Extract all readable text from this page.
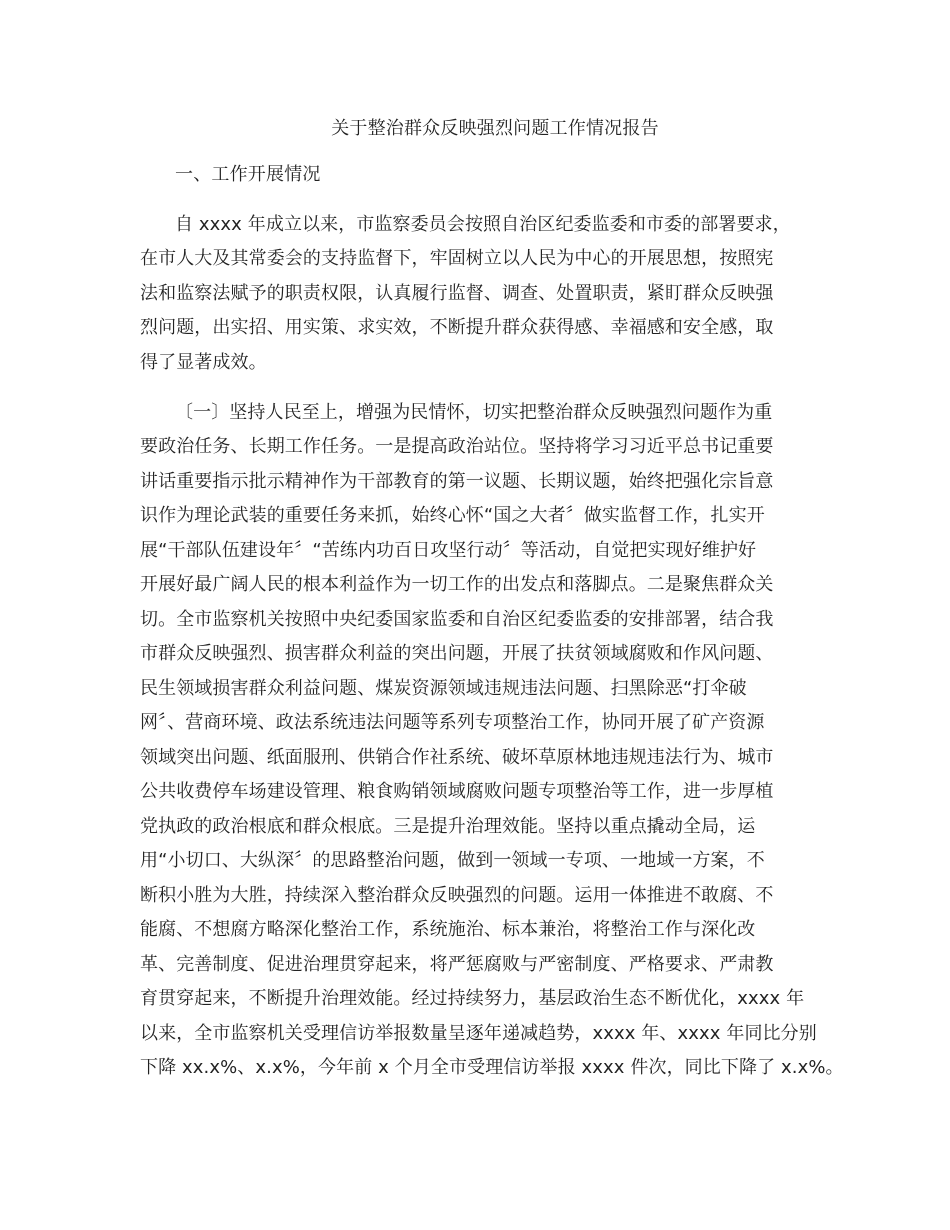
关于整治群众反映强烈问题工作情况报告
一、工作开展情况

自 xxxx 年成立以来，市监察委员会按照自治区纪委监委和市委的部署要求，

在市人大及其常委会的支持监督下，牢固树立以人民为中心的开展思想，按照宪

法和监察法赋予的职责权限，认真履行监督、调查、处置职责，紧盯群众反映强

烈问题，出实招、用实策、求实效，不断提升群众获得感、幸福感和安全感，取

得了显著成效。

〔一〕坚持人民至上，增强为民情怀，切实把整治群众反映强烈问题作为重

要政治任务、长期工作任务。一是提高政治站位。坚持将学习习近平总书记重要

讲话重要指示批示精神作为干部教育的第一议题、长期议题，始终把强化宗旨意

识作为理论武装的重要任务来抓，始终心怀“国之大者〞做实监督工作，扎实开

展“干部队伍建设年〞“苦练内功百日攻坚行动〞等活动，自觉把实现好维护好

开展好最广阔人民的根本利益作为一切工作的出发点和落脚点。二是聚焦群众关

切。全市监察机关按照中央纪委国家监委和自治区纪委监委的安排部署，结合我

市群众反映强烈、损害群众利益的突出问题，开展了扶贫领域腐败和作风问题、

民生领域损害群众利益问题、煤炭资源领域违规违法问题、扫黑除恶“打伞破

网〞、营商环境、政法系统违法问题等系列专项整治工作，协同开展了矿产资源

领域突出问题、纸面服刑、供销合作社系统、破坏草原林地违规违法行为、城市

公共收费停车场建设管理、粮食购销领域腐败问题专项整治等工作，进一步厚植

党执政的政治根底和群众根底。三是提升治理效能。坚持以重点撬动全局，运

用“小切口、大纵深〞的思路整治问题，做到一领域一专项、一地域一方案，不

断积小胜为大胜，持续深入整治群众反映强烈的问题。运用一体推进不敢腐、不

能腐、不想腐方略深化整治工作，系统施治、标本兼治，将整治工作与深化改

革、完善制度、促进治理贯穿起来，将严惩腐败与严密制度、严格要求、严肃教

育贯穿起来，不断提升治理效能。经过持续努力，基层政治生态不断优化，xxxx 年

以来，全市监察机关受理信访举报数量呈逐年递减趋势，xxxx 年、xxxx 年同比分别

下降 xx.x%、x.x%，今年前 x 个月全市受理信访举报 xxxx 件次，同比下降了 x.x%。
